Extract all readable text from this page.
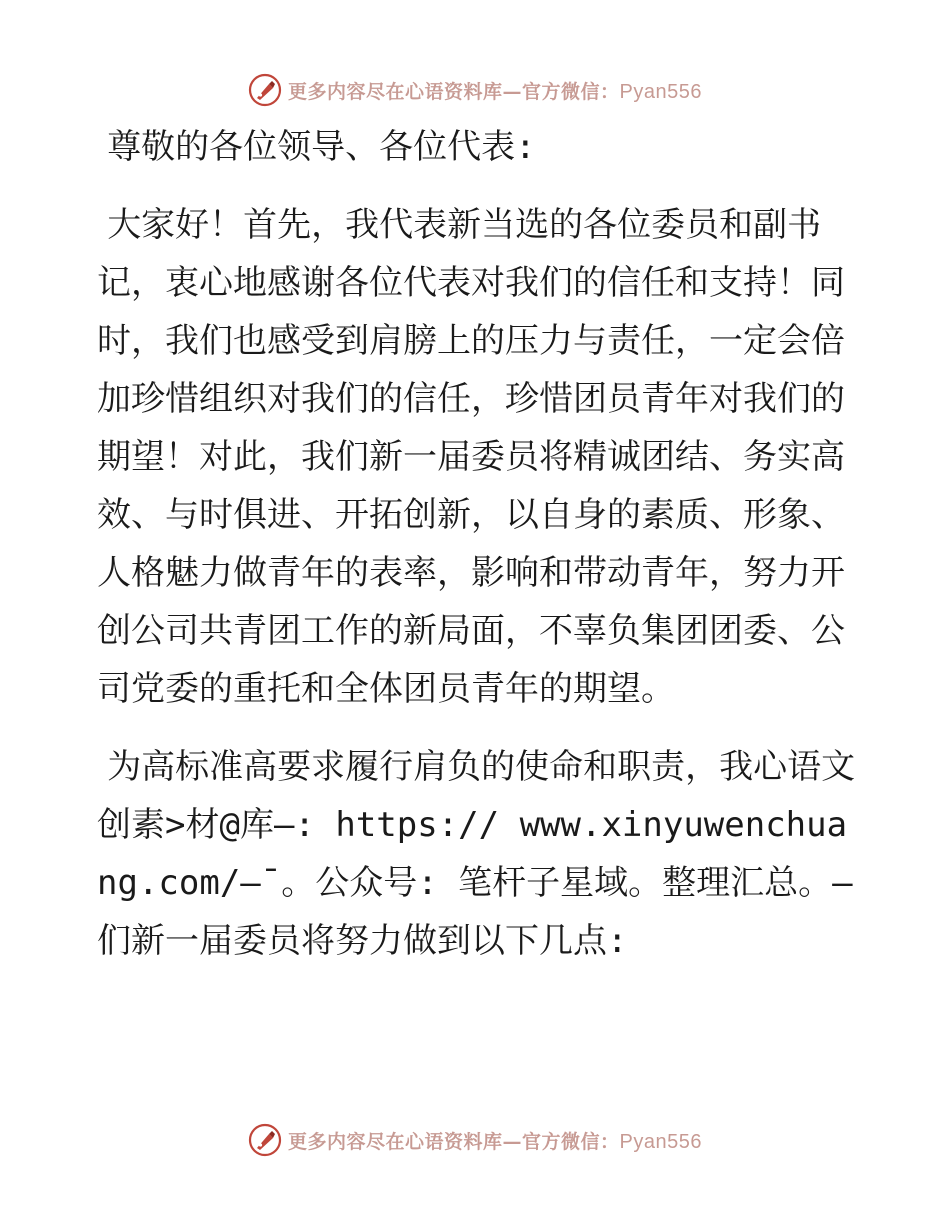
更多内容尽在心语资料库—官方微信：Pyan556

尊敬的各位领导、各位代表:

大家好！首先，我代表新当选的各位委员和副书记，衷心地感谢各位代表对我们的信任和支持！同时，我们也感受到肩膀上的压力与责任，一定会倍加珍惜组织对我们的信任，珍惜团员青年对我们的期望！对此，我们新一届委员将精诚团结、务实高效、与时俱进、开拓创新，以自身的素质、形象、人格魅力做青年的表率，影响和带动青年，努力开创公司共青团工作的新局面，不辜负集团团委、公司党委的重托和全体团员青年的期望。

为高标准高要求履行肩负的使命和职责，我心语文创素>材@库—: https:// www.xinyuwenchuang.com/—¯。公众号: 笔杆子星域。整理汇总。—们新一届委员将努力做到以下几点:

更多内容尽在心语资料库—官方微信：Pyan556
